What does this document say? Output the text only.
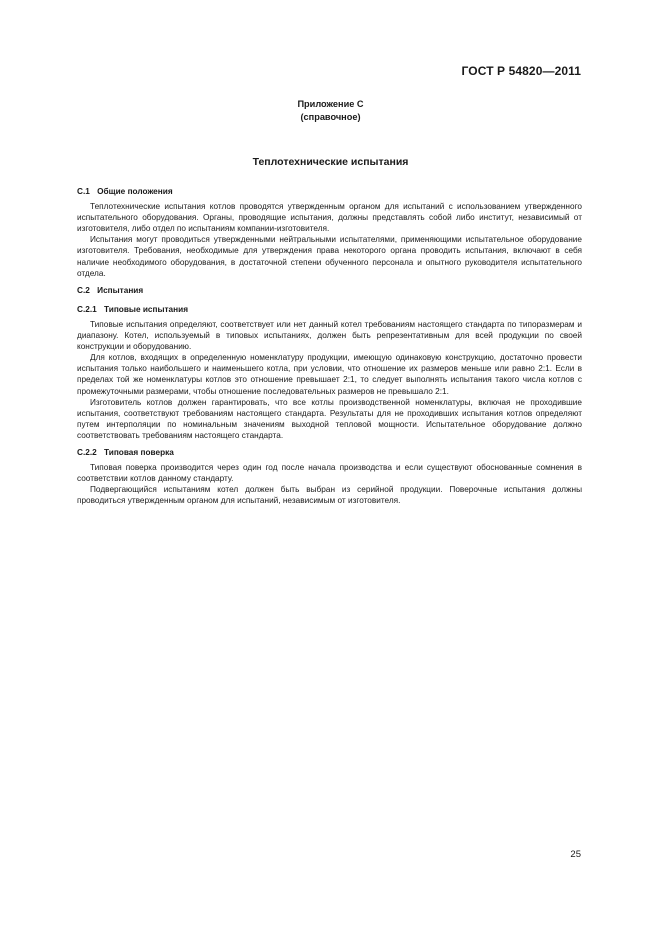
ГОСТ Р 54820—2011
Приложение С
(справочное)
Теплотехнические испытания
С.1 Общие положения

Теплотехнические испытания котлов проводятся утвержденным органом для испытаний с использованием утвержденного испытательного оборудования. Органы, проводящие испытания, должны представлять собой либо институт, независимый от изготовителя, либо отдел по испытаниям компании-изготовителя.

Испытания могут проводиться утвержденными нейтральными испытателями, применяющими испытательное оборудование изготовителя. Требования, необходимые для утверждения права некоторого органа проводить испытания, включают в себя наличие необходимого оборудования, в достаточной степени обученного персонала и опытного руководителя испытательного отдела.

С.2 Испытания
С.2.1 Типовые испытания

Типовые испытания определяют, соответствует или нет данный котел требованиям настоящего стандарта по типоразмерам и диапазону. Котел, используемый в типовых испытаниях, должен быть репрезентативным для всей продукции по своей конструкции и оборудованию.

Для котлов, входящих в определенную номенклатуру продукции, имеющую одинаковую конструкцию, достаточно провести испытания только наибольшего и наименьшего котла, при условии, что отношение их размеров меньше или равно 2:1. Если в пределах той же номенклатуры котлов это отношение превышает 2:1, то следует выполнять испытания такого числа котлов с промежуточными размерами, чтобы отношение последовательных размеров не превышало 2:1.

Изготовитель котлов должен гарантировать, что все котлы производственной номенклатуры, включая не проходившие испытания, соответствуют требованиям настоящего стандарта. Результаты для не проходивших испытания котлов определяют путем интерполяции по номинальным значениям выходной тепловой мощности. Испытательное оборудование должно соответствовать требованиям настоящего стандарта.

С.2.2 Типовая поверка

Типовая поверка производится через один год после начала производства и если существуют обоснованные сомнения в соответствии котлов данному стандарту.

Подвергающийся испытаниям котел должен быть выбран из серийной продукции. Поверочные испытания должны проводиться утвержденным органом для испытаний, независимым от изготовителя.

25
